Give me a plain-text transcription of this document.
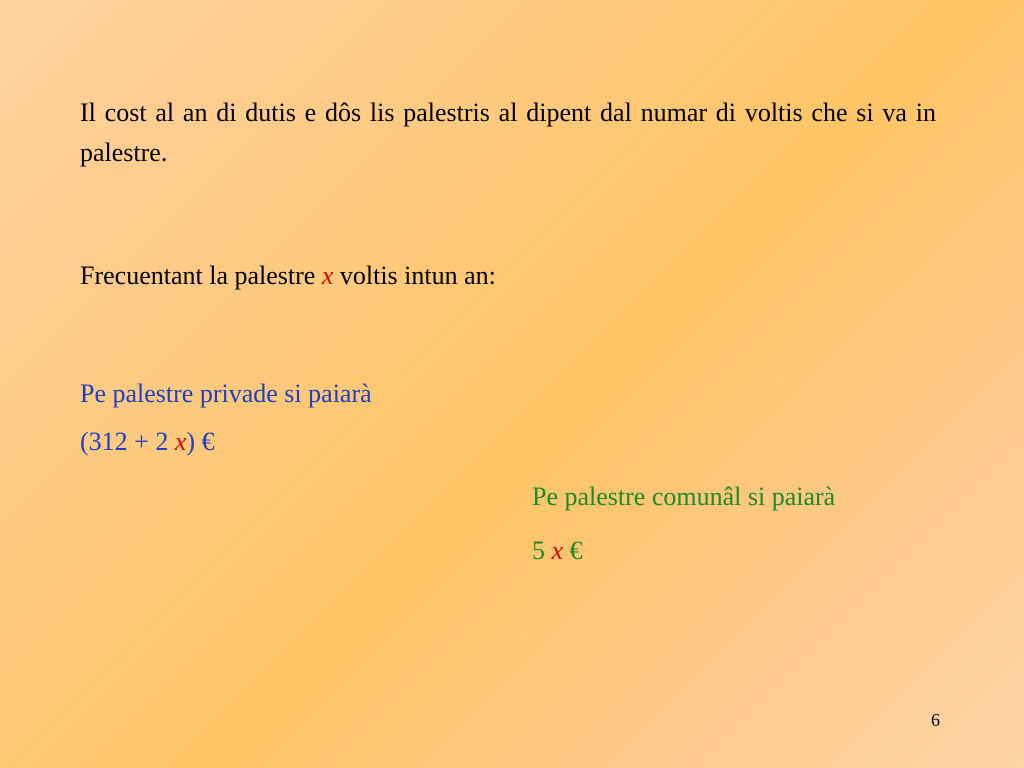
Il cost al an di dutis e dôs lis palestris al dipent dal numar di voltis che si va in palestre.

Frecuentant la palestre x voltis intun an:

Pe palestre privade si paiarà

(312 + 2 x) €

Pe palestre comunâl si paiarà

5 x €

6
